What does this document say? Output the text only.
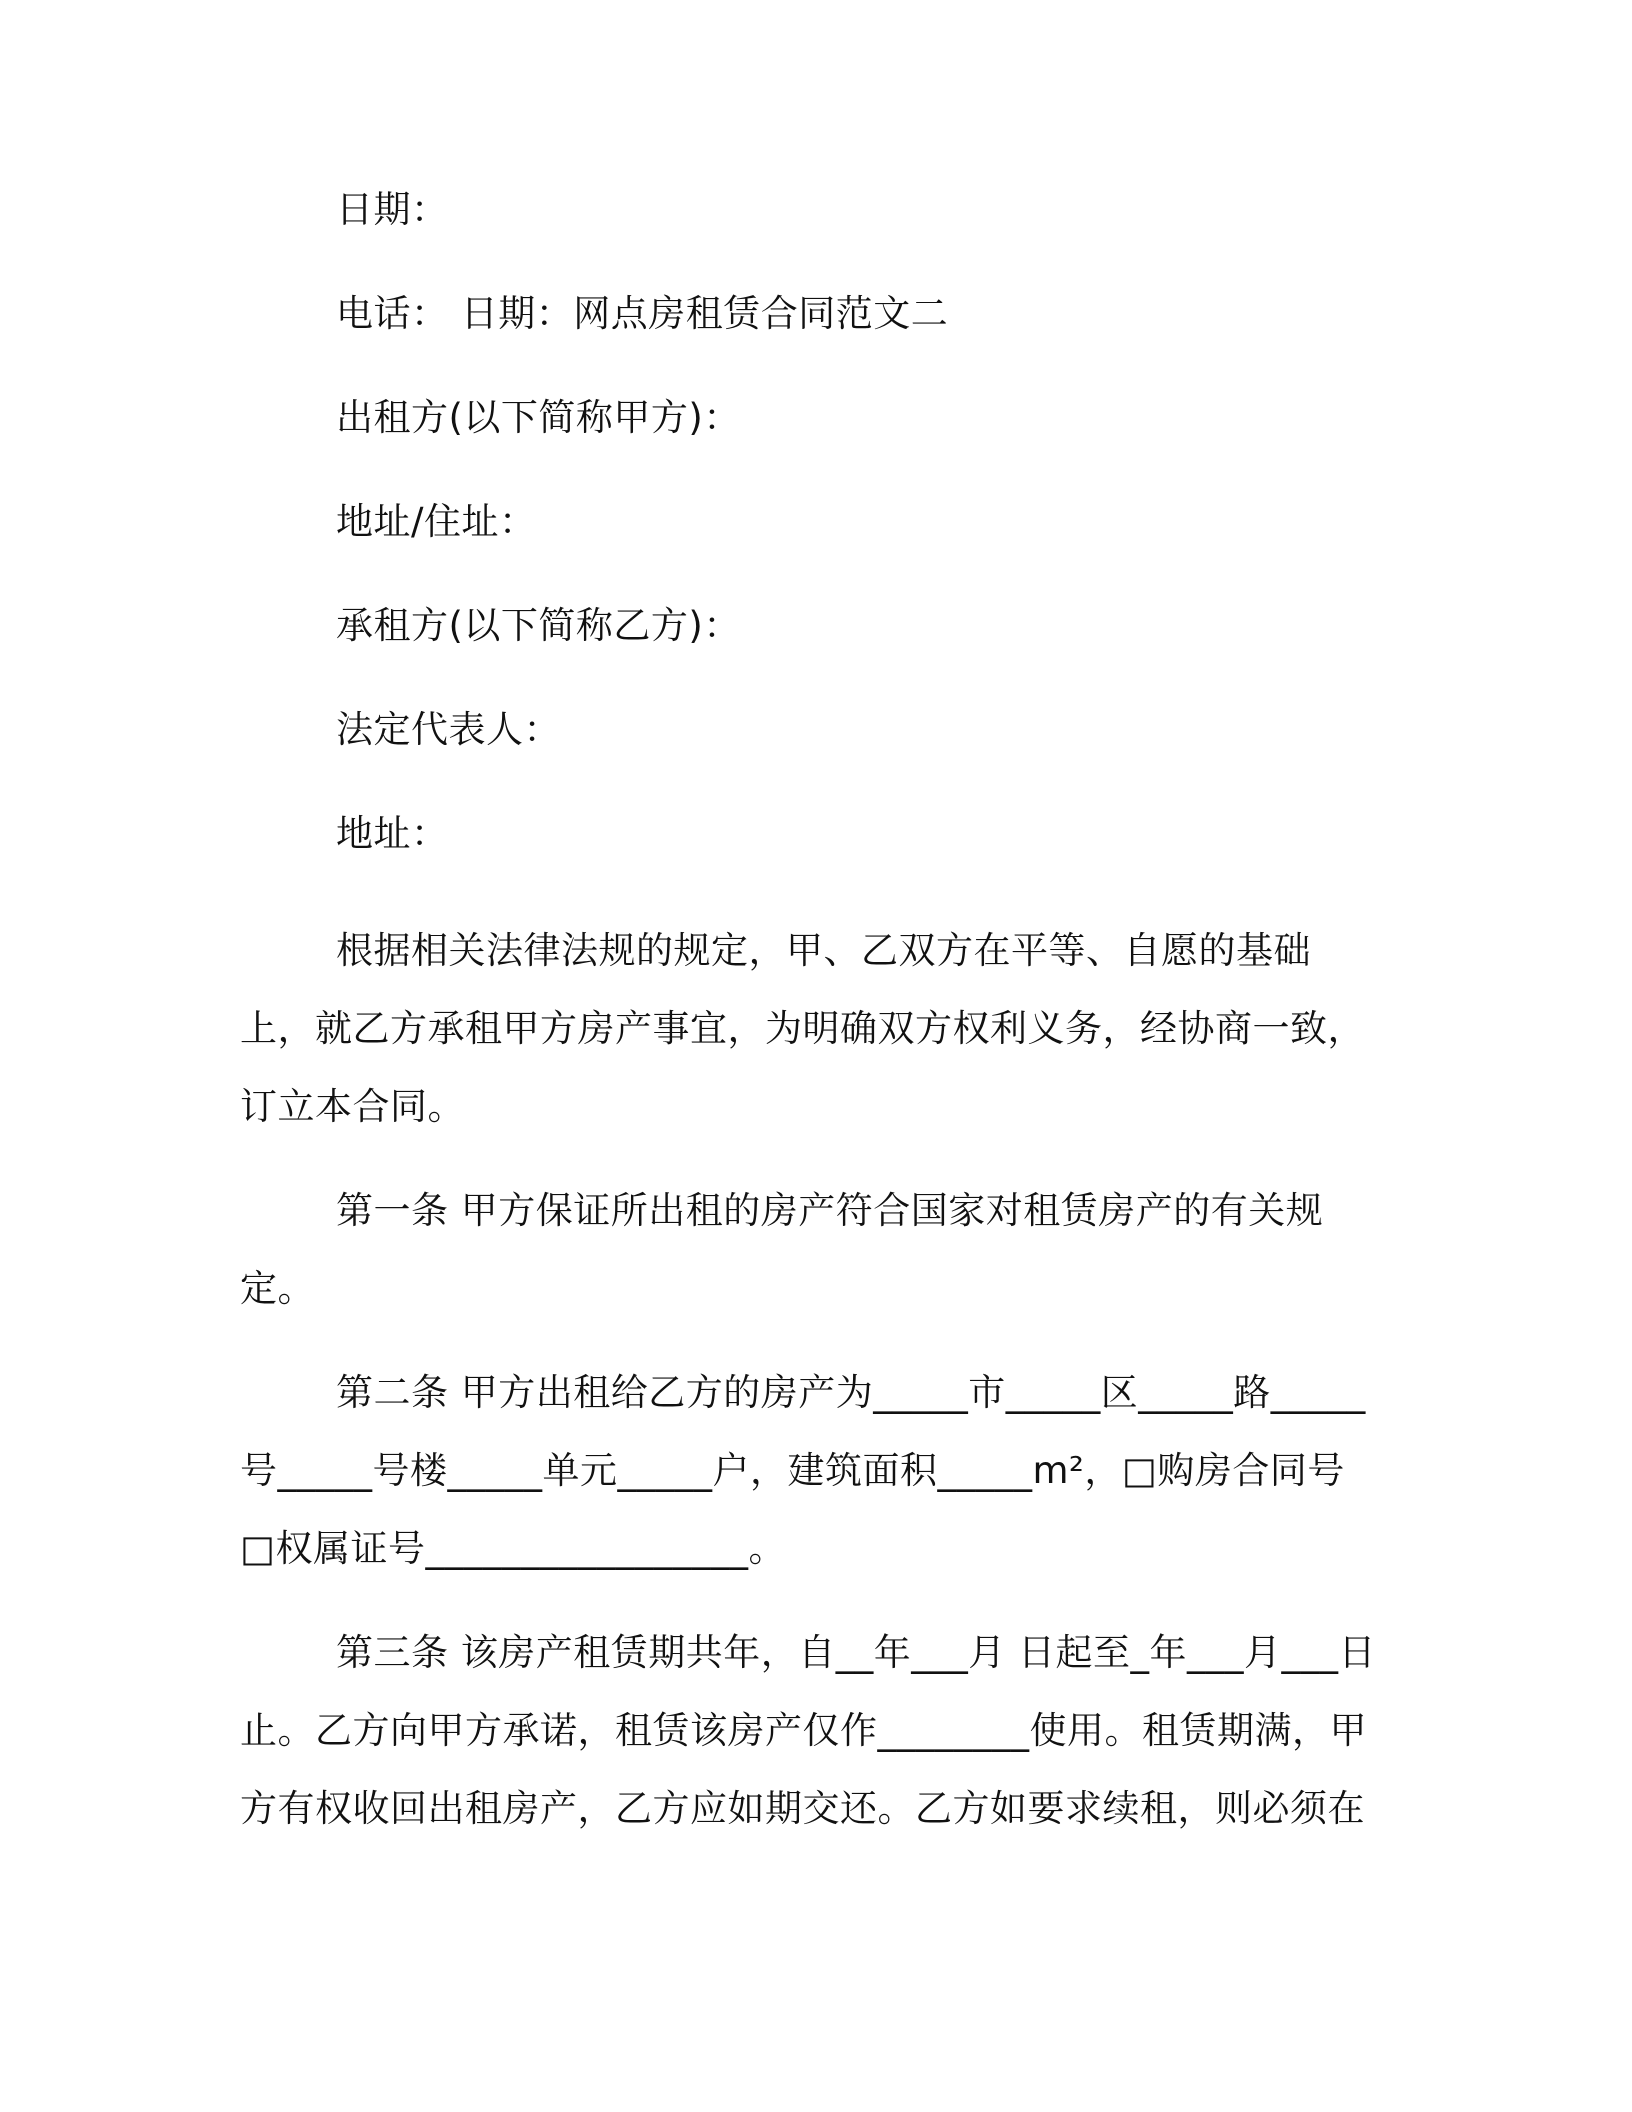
日期：

电话： 日期：网点房租赁合同范文二

出租方(以下简称甲方)：

地址/住址：

承租方(以下简称乙方)：

法定代表人：

地址：

根据相关法律法规的规定，甲、乙双方在平等、自愿的基础上，就乙方承租甲方房产事宜，为明确双方权利义务，经协商一致，订立本合同。

第一条 甲方保证所出租的房产符合国家对租赁房产的有关规定。

第二条 甲方出租给乙方的房产为_____市_____区_____路_____号_____号楼_____单元_____户，建筑面积_____m²，□购房合同号 □权属证号_________________。

第三条 该房产租赁期共年，自__年___月 日起至_年___月___日止。乙方向甲方承诺，租赁该房产仅作________使用。租赁期满，甲方有权收回出租房产，乙方应如期交还。乙方如要求续租，则必须在
